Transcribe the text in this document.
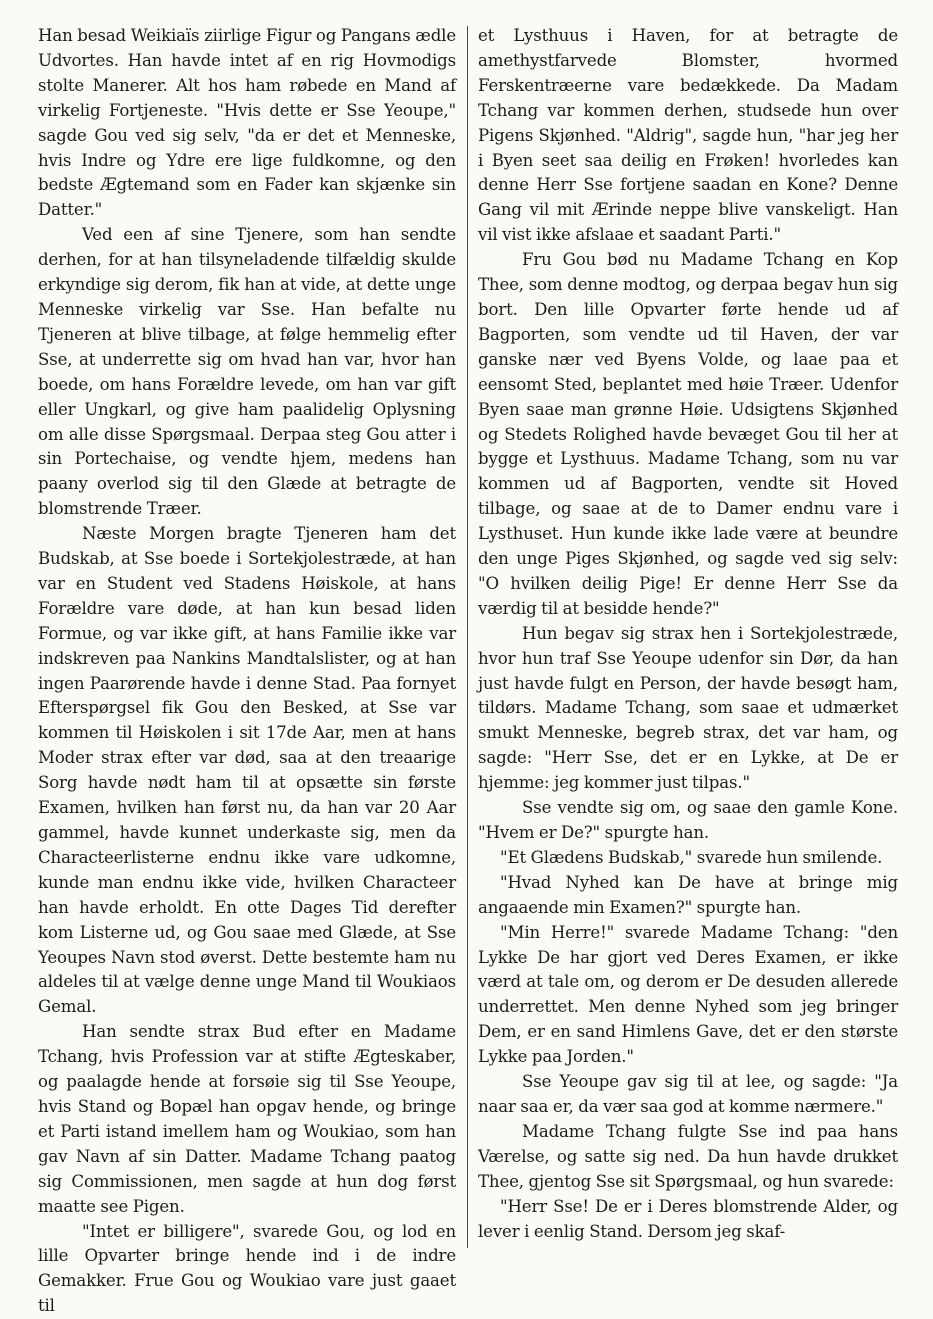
Han besad Weikiaïs ziirlige Figur og Pangans ædle Udvortes. Han havde intet af en rig Hovmodigs stolte Manerer. Alt hos ham røbede en Mand af virkelig Fortjeneste. "Hvis dette er Sse Yeoupe," sagde Gou ved sig selv, "da er det et Menneske, hvis Indre og Ydre ere lige fuldkomne, og den bedste Ægtemand som en Fader kan skjænke sin Datter."

Ved een af sine Tjenere, som han sendte derhen, for at han tilsyneladende tilfældig skulde erkyndige sig derom, fik han at vide, at dette unge Menneske virkelig var Sse. Han befalte nu Tjeneren at blive tilbage, at følge hemmelig efter Sse, at underrette sig om hvad han var, hvor han boede, om hans Forældre levede, om han var gift eller Ungkarl, og give ham paalidelig Oplysning om alle disse Spørgsmaal. Derpaa steg Gou atter i sin Portechaise, og vendte hjem, medens han paany overlod sig til den Glæde at betragte de blomstrende Træer.

Næste Morgen bragte Tjeneren ham det Budskab, at Sse boede i Sortekjolestræde, at han var en Student ved Stadens Høiskole, at hans Forældre vare døde, at han kun besad liden Formue, og var ikke gift, at hans Familie ikke var indskreven paa Nankins Mandtalslister, og at han ingen Paarørende havde i denne Stad. Paa fornyet Efterspørgsel fik Gou den Besked, at Sse var kommen til Høiskolen i sit 17de Aar, men at hans Moder strax efter var død, saa at den treaarige Sorg havde nødt ham til at opsætte sin første Examen, hvilken han først nu, da han var 20 Aar gammel, havde kunnet underkaste sig, men da Characteerlisterne endnu ikke vare udkomne, kunde man endnu ikke vide, hvilken Characteer han havde erholdt. En otte Dages Tid derefter kom Listerne ud, og Gou saae med Glæde, at Sse Yeoupes Navn stod øverst. Dette bestemte ham nu aldeles til at vælge denne unge Mand til Woukiaos Gemal.

Han sendte strax Bud efter en Madame Tchang, hvis Profession var at stifte Ægteskaber, og paalagde hende at forsøie sig til Sse Yeoupe, hvis Stand og Bopæl han opgav hende, og bringe et Parti istand imellem ham og Woukiao, som han gav Navn af sin Datter. Madame Tchang paatog sig Commissionen, men sagde at hun dog først maatte see Pigen.

"Intet er billigere", svarede Gou, og lod en lille Opvarter bringe hende ind i de indre Gemakker. Frue Gou og Woukiao vare just gaaet til

et Lysthuus i Haven, for at betragte de amethystfarvede Blomster, hvormed Ferskentræerne vare bedækkede. Da Madam Tchang var kommen derhen, studsede hun over Pigens Skjønhed. "Aldrig", sagde hun, "har jeg her i Byen seet saa deilig en Frøken! hvorledes kan denne Herr Sse fortjene saadan en Kone? Denne Gang vil mit Ærinde neppe blive vanskeligt. Han vil vist ikke afslaae et saadant Parti."

Fru Gou bød nu Madame Tchang en Kop Thee, som denne modtog, og derpaa begav hun sig bort. Den lille Opvarter førte hende ud af Bagporten, som vendte ud til Haven, der var ganske nær ved Byens Volde, og laae paa et eensomt Sted, beplantet med høie Træer. Udenfor Byen saae man grønne Høie. Udsigtens Skjønhed og Stedets Rolighed havde bevæget Gou til her at bygge et Lysthuus. Madame Tchang, som nu var kommen ud af Bagporten, vendte sit Hoved tilbage, og saae at de to Damer endnu vare i Lysthuset. Hun kunde ikke lade være at beundre den unge Piges Skjønhed, og sagde ved sig selv: "O hvilken deilig Pige! Er denne Herr Sse da værdig til at besidde hende?"

Hun begav sig strax hen i Sortekjolestræde, hvor hun traf Sse Yeoupe udenfor sin Dør, da han just havde fulgt en Person, der havde besøgt ham, tildørs. Madame Tchang, som saae et udmærket smukt Menneske, begreb strax, det var ham, og sagde: "Herr Sse, det er en Lykke, at De er hjemme: jeg kommer just tilpas."

Sse vendte sig om, og saae den gamle Kone. "Hvem er De?" spurgte han.

"Et Glædens Budskab," svarede hun smilende.

"Hvad Nyhed kan De have at bringe mig angaaende min Examen?" spurgte han.

"Min Herre!" svarede Madame Tchang: "den Lykke De har gjort ved Deres Examen, er ikke værd at tale om, og derom er De desuden allerede underrettet. Men denne Nyhed som jeg bringer Dem, er en sand Himlens Gave, det er den største Lykke paa Jorden."

Sse Yeoupe gav sig til at lee, og sagde: "Ja naar saa er, da vær saa god at komme nærmere."

Madame Tchang fulgte Sse ind paa hans Værelse, og satte sig ned. Da hun havde drukket Thee, gjentog Sse sit Spørgsmaal, og hun svarede:

"Herr Sse! De er i Deres blomstrende Alder, og lever i eenlig Stand. Dersom jeg skaf-
